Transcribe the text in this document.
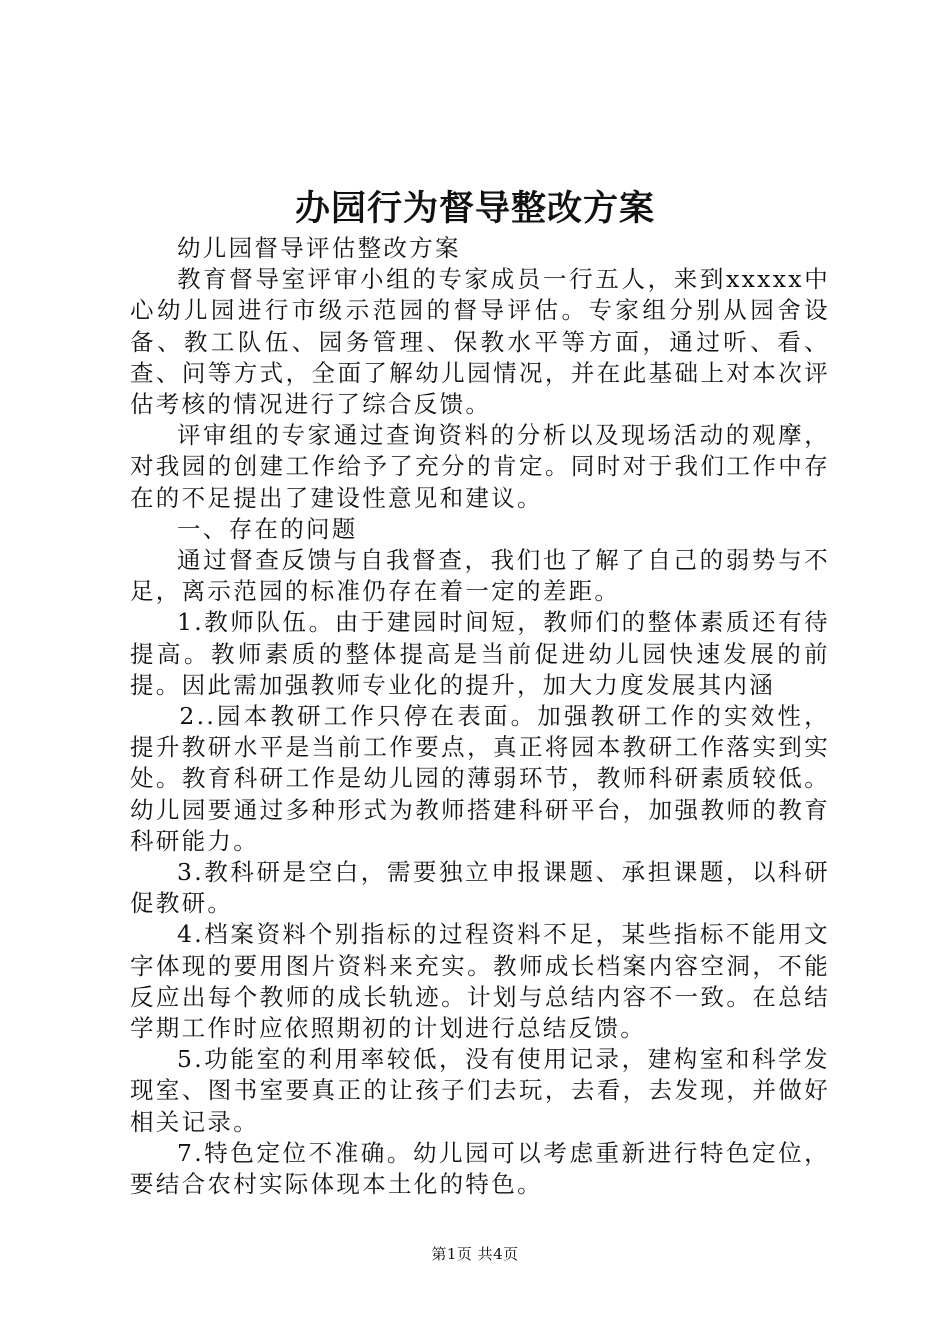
办园行为督导整改方案

幼儿园督导评估整改方案

教育督导室评审小组的专家成员一行五人，来到xxxxx中心幼儿园进行市级示范园的督导评估。专家组分别从园舍设备、教工队伍、园务管理、保教水平等方面，通过听、看、查、问等方式，全面了解幼儿园情况，并在此基础上对本次评估考核的情况进行了综合反馈。

评审组的专家通过查询资料的分析以及现场活动的观摩，对我园的创建工作给予了充分的肯定。同时对于我们工作中存在的不足提出了建设性意见和建议。

一、存在的问题

通过督查反馈与自我督查，我们也了解了自己的弱势与不足，离示范园的标准仍存在着一定的差距。

1.教师队伍。由于建园时间短，教师们的整体素质还有待提高。教师素质的整体提高是当前促进幼儿园快速发展的前提。因此需加强教师专业化的提升，加大力度发展其内涵

2..园本教研工作只停在表面。加强教研工作的实效性，提升教研水平是当前工作要点，真正将园本教研工作落实到实处。教育科研工作是幼儿园的薄弱环节，教师科研素质较低。幼儿园要通过多种形式为教师搭建科研平台，加强教师的教育科研能力。

3.教科研是空白，需要独立申报课题、承担课题，以科研促教研。

4.档案资料个别指标的过程资料不足，某些指标不能用文字体现的要用图片资料来充实。教师成长档案内容空洞，不能反应出每个教师的成长轨迹。计划与总结内容不一致。在总结学期工作时应依照期初的计划进行总结反馈。

5.功能室的利用率较低，没有使用记录，建构室和科学发现室、图书室要真正的让孩子们去玩，去看，去发现，并做好相关记录。

7.特色定位不准确。幼儿园可以考虑重新进行特色定位，要结合农村实际体现本土化的特色。

第1页 共4页
